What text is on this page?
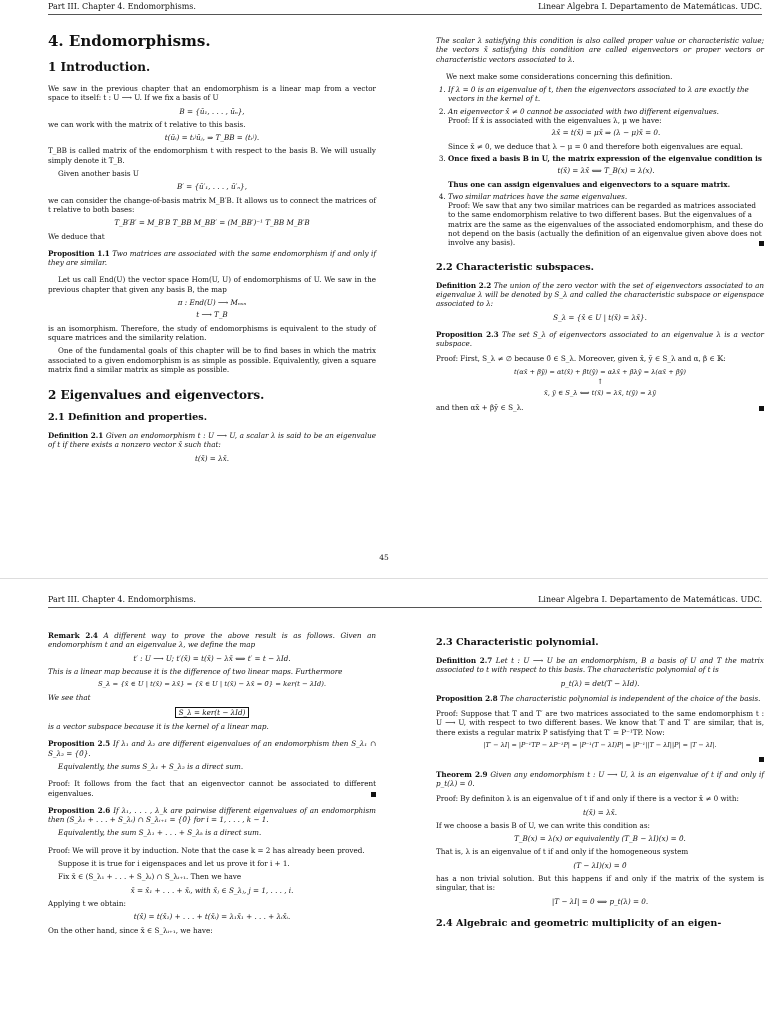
Part III. Chapter 4. Endomorphisms.	Linear Algebra I. Departamento de Matemáticas. UDC.
4. Endomorphisms.
1 Introduction.

We saw in the previous chapter that an endomorphism is a linear map from a vector space to itself: t : U ⟶ U. If we fix a basis of U

B = {ū₁, . . . , ūₙ},

we can work with the matrix of t relative to this basis.

t(ūᵢ) = tᵢʲūⱼ, ⇒ T_BB = (tᵢʲ).

T_BB is called matrix of the endomorphism t with respect to the basis B. We will usually simply denote it T_B.

Given another basis U

B′ = {ū′₁, . . . , ū′ₙ},

we can consider the change-of-basis matrix M_B′B. It allows us to connect the matrices of t relative to both bases:

T_B′B′ = M_B′B T_BB M_BB′ = (M_BB′)⁻¹ T_BB M_B′B

We deduce that

Proposition 1.1 Two matrices are associated with the same endomorphism if and only if they are similar.

Let us call End(U) the vector space Hom(U, U) of endomorphisms of U. We saw in the previous chapter that given any basis B, the map

π : End(U) ⟶ Mₙₓₙ
t ⟶ T_B

is an isomorphism. Therefore, the study of endomorphisms is equivalent to the study of square matrices and the similarity relation.

One of the fundamental goals of this chapter will be to find bases in which the matrix associated to a given endomorphism is as simple as possible. Equivalently, given a square matrix find a similar matrix as simple as possible.

2 Eigenvalues and eigenvectors.
2.1 Definition and properties.

Definition 2.1 Given an endomorphism t : U ⟶ U, a scalar λ is said to be an eigenvalue of t if there exists a nonzero vector x̄ such that:

t(x̄) = λx̄.

The scalar λ satisfying this condition is also called proper value or characteristic value; the vectors x̄ satisfying this condition are called eigenvectors or proper vectors or characteristic vectors associated to λ.

We next make some considerations concerning this definition.

1. If λ = 0 is an eigenvalue of t, then the eigenvectors associated to λ are exactly the vectors in the kernel of t.
2. An eigenvector x̄ ≠ 0 cannot be associated with two different eigenvalues.
Proof: If x̄ is associated with the eigenvalues λ, μ we have:
λx̄ = t(x̄) = μx̄ ⇒ (λ − μ)x̄ = 0.
Since x̄ ≠ 0, we deduce that λ − μ = 0 and therefore both eigenvalues are equal.
3. Once fixed a basis B in U, the matrix expression of the eigenvalue condition is
t(x̄) = λx̄ ⟺ T_B(x) = λ(x).
Thus one can assign eigenvalues and eigenvectors to a square matrix.
4. Two similar matrices have the same eigenvalues.
Proof: We saw that any two similar matrices can be regarded as matrices associated to the same endomorphism relative to two different bases. But the eigenvalues of a matrix are the same as the eigenvalues of the associated endomorphism, and these do not depend on the basis (actually the definition of an eigenvalue given above does not involve any basis).
2.2 Characteristic subspaces.

Definition 2.2 The union of the zero vector with the set of eigenvectors associated to an eigenvalue λ will be denoted by S_λ and called the characteristic subspace or eigenspace associated to λ:

S_λ = {x̄ ∈ U | t(x̄) = λx̄}.

Proposition 2.3 The set S_λ of eigenvectors associated to an eigenvalue λ is a vector subspace.

Proof: First, S_λ ≠ ∅ because 0̄ ∈ S_λ. Moreover, given x̄, ȳ ∈ S_λ and α, β ∈ 𝕂:

t(αx̄ + βȳ) = αt(x̄) + βt(ȳ) = αλx̄ + βλȳ = λ(αx̄ + βȳ)
↑
x̄, ȳ ∈ S_λ ⟺ t(x̄) = λx̄, t(ȳ) = λȳ

and then αx̄ + βȳ ∈ S_λ.

45
Part III. Chapter 4. Endomorphisms.	Linear Algebra I. Departamento de Matemáticas. UDC.

Remark 2.4 A different way to prove the above result is as follows. Given an endomorphism t and an eigenvalue λ, we define the map

t′ : U ⟶ U; t′(x̄) = t(x̄) − λx̄ ⟺ t′ = t − λId.

This is a linear map because it is the difference of two linear maps. Furthermore

S_λ = {x̄ ∈ U | t(x̄) = λx̄} = {x̄ ∈ U | t(x̄) − λx̄ = 0̄} = ker(t − λId).

We see that

S_λ = ker(t − λId)

is a vector subspace because it is the kernel of a linear map.

Proposition 2.5 If λ₁ and λ₂ are different eigenvalues of an endomorphism then S_λ₁ ∩ S_λ₂ = {0̄}.

Equivalently, the sums S_λ₁ + S_λ₂ is a direct sum.

Proof: It follows from the fact that an eigenvector cannot be associated to different eigenvalues.

Proposition 2.6 If λ₁, . . . , λ_k are pairwise different eigenvalues of an endomorphism then (S_λ₁ + . . . + S_λᵢ) ∩ S_λᵢ₊₁ = {0̄} for i = 1, . . . , k − 1.

Equivalently, the sum S_λ₁ + . . . + S_λₖ is a direct sum.

Proof: We will prove it by induction. Note that the case k = 2 has already been proved.

Suppose it is true for i eigenspaces and let us prove it for i + 1.

Fix x̄ ∈ (S_λ₁ + . . . + S_λᵢ) ∩ S_λᵢ₊₁. Then we have

x̄ = x̄₁ + . . . + x̄ᵢ, with x̄ⱼ ∈ S_λⱼ, j = 1, . . . , i.

Applying t we obtain:

t(x̄) = t(x̄₁) + . . . + t(x̄ᵢ) = λ₁x̄₁ + . . . + λᵢx̄ᵢ.

On the other hand, since x̄ ∈ S_λᵢ₊₁, we have:

2.3 Characteristic polynomial.

Definition 2.7 Let t : U ⟶ U be an endomorphism, B a basis of U and T the matrix associated to t with respect to this basis. The characteristic polynomial of t is

p_t(λ) = det(T − λId).

Proposition 2.8 The characteristic polynomial is independent of the choice of the basis.

Proof: Suppose that T and T′ are two matrices associated to the same endomorphism t : U ⟶ U, with respect to two different bases. We know that T and T′ are similar, that is, there exists a regular matrix P satisfying that T′ = P⁻¹TP. Now:

|T′ − λI| = |P⁻¹TP − λP⁻¹P| = |P⁻¹(T − λI)P| = |P⁻¹||T − λI||P| = |T − λI|.

Theorem 2.9 Given any endomorphism t : U ⟶ U, λ is an eigenvalue of t if and only if p_t(λ) = 0.

Proof: By definiton λ is an eigenvalue of t if and only if there is a vector x̄ ≠ 0 with:

t(x̄) = λx̄.

If we choose a basis B of U, we can write this condition as:

T_B(x) = λ(x) or equivalently (T_B − λI)(x) = 0̄.

That is, λ is an eigenvalue of t if and only if the homogeneous system

(T − λI)(x) = 0̄

has a non trivial solution. But this happens if and only if the matrix of the system is singular, that is:

|T − λI| = 0 ⟺ p_t(λ) = 0.
2.4 Algebraic and geometric multiplicity of an eigen-
